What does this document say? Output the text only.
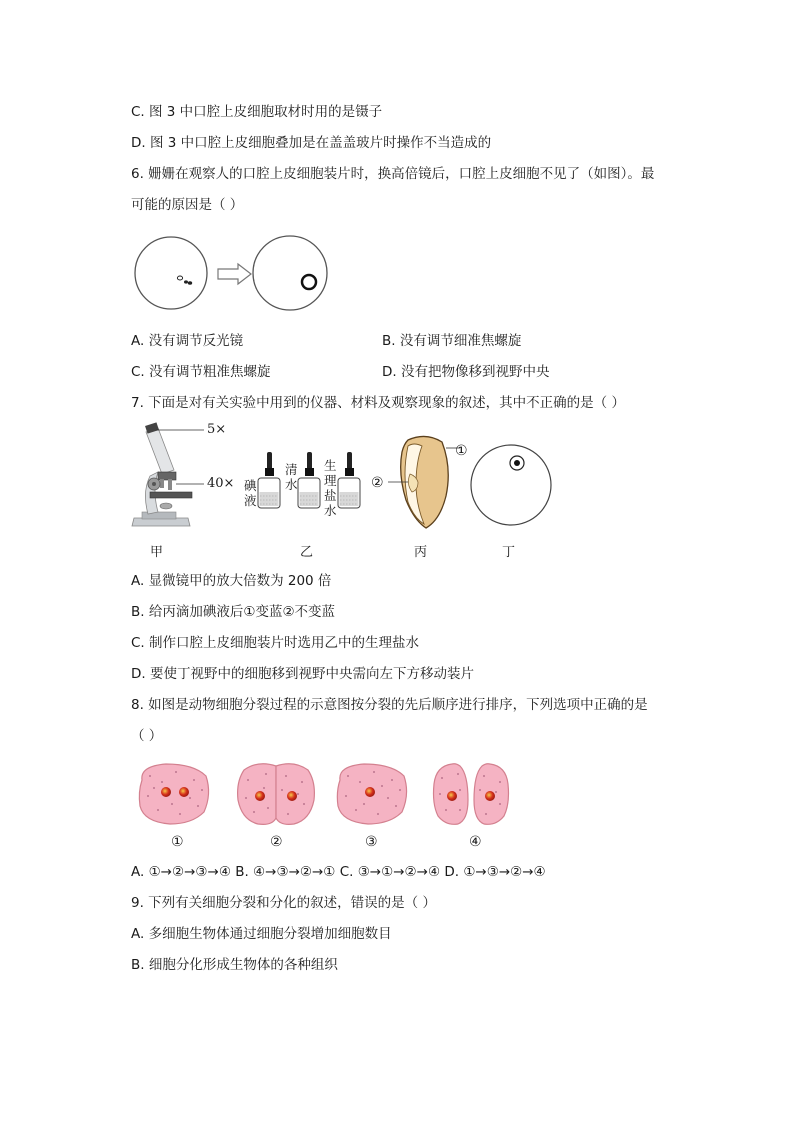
C. 图 3 中口腔上皮细胞取材时用的是镊子
D. 图 3 中口腔上皮细胞叠加是在盖盖玻片时操作不当造成的
6. 姗姗在观察人的口腔上皮细胞装片时，换高倍镜后，口腔上皮细胞不见了（如图）。最
可能的原因是（ ）
A. 没有调节反光镜	B. 没有调节细准焦螺旋
C. 没有调节粗准焦螺旋	D. 没有把物像移到视野中央
7. 下面是对有关实验中用到的仪器、材料及观察现象的叙述，其中不正确的是（ ）
5×
40× 碘液
清水
生理盐水
①
②
甲	乙	丙	丁
A. 显微镜甲的放大倍数为 200 倍
B. 给丙滴加碘液后①变蓝②不变蓝
C. 制作口腔上皮细胞装片时选用乙中的生理盐水
D. 要使丁视野中的细胞移到视野中央需向左下方移动装片
8. 如图是动物细胞分裂过程的示意图按分裂的先后顺序进行排序，下列选项中正确的是
（ ）
①	②	③	④
A. ①→②→③→④ B. ④→③→②→① C. ③→①→②→④ D. ①→③→②→④
9. 下列有关细胞分裂和分化的叙述，错误的是（ ）
A. 多细胞生物体通过细胞分裂增加细胞数目
B. 细胞分化形成生物体的各种组织
